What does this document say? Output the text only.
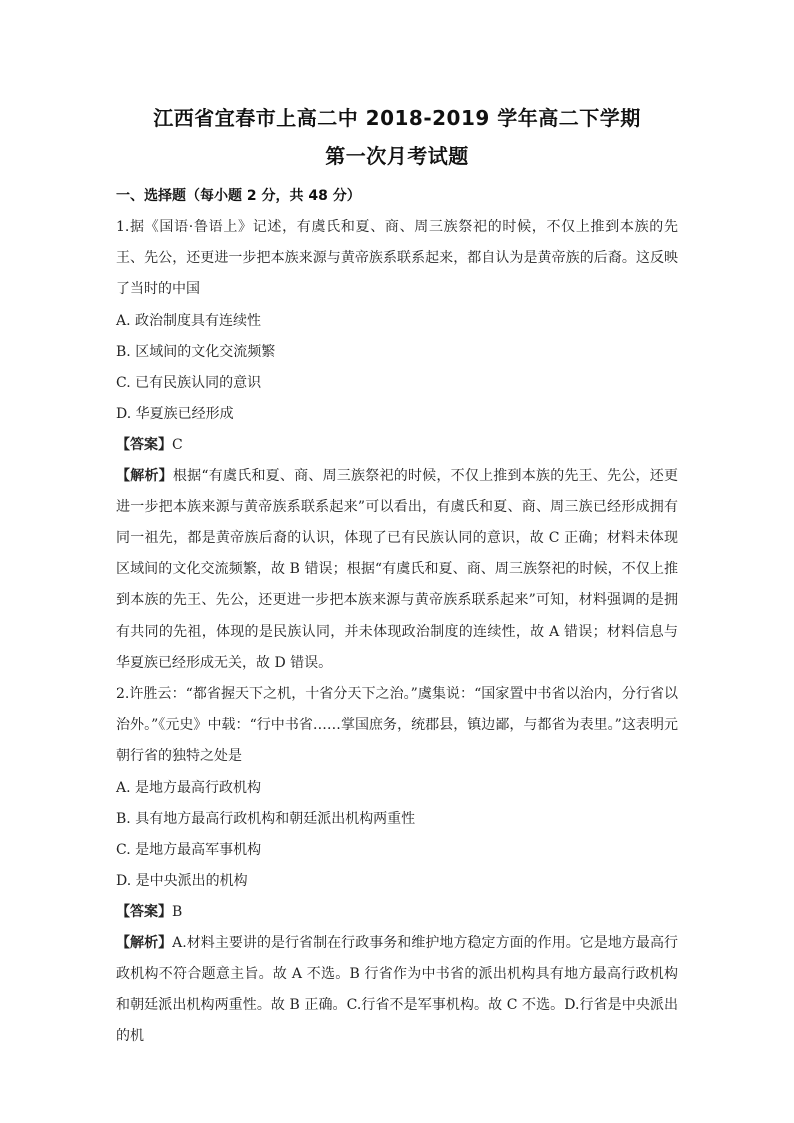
江西省宜春市上高二中 2018-2019 学年高二下学期
第一次月考试题
一、选择题（每小题 2 分，共 48 分）

1.据《国语·鲁语上》记述，有虞氏和夏、商、周三族祭祀的时候，不仅上推到本族的先王、先公，还更进一步把本族来源与黄帝族系联系起来，都自认为是黄帝族的后裔。这反映了当时的中国

A. 政治制度具有连续性

B. 区域间的文化交流频繁

C. 已有民族认同的意识

D. 华夏族已经形成

【答案】C

【解析】根据“有虞氏和夏、商、周三族祭祀的时候，不仅上推到本族的先王、先公，还更进一步把本族来源与黄帝族系联系起来”可以看出，有虞氏和夏、商、周三族已经形成拥有同一祖先，都是黄帝族后裔的认识，体现了已有民族认同的意识，故 C 正确；材料未体现区域间的文化交流频繁，故 B 错误；根据“有虞氏和夏、商、周三族祭祀的时候，不仅上推到本族的先王、先公，还更进一步把本族来源与黄帝族系联系起来”可知，材料强调的是拥有共同的先祖，体现的是民族认同，并未体现政治制度的连续性，故 A 错误；材料信息与华夏族已经形成无关，故 D 错误。

2.许胜云：“都省握天下之机，十省分天下之治。”虞集说：“国家置中书省以治内，分行省以治外。”《元史》中载：“行中书省……掌国庶务，统郡县，镇边鄙，与都省为表里。”这表明元朝行省的独特之处是

A. 是地方最高行政机构

B. 具有地方最高行政机构和朝廷派出机构两重性

C. 是地方最高军事机构

D. 是中央派出的机构

【答案】B

【解析】A.材料主要讲的是行省制在行政事务和维护地方稳定方面的作用。它是地方最高行政机构不符合题意主旨。故 A 不选。B 行省作为中书省的派出机构具有地方最高行政机构和朝廷派出机构两重性。故 B 正确。C.行省不是军事机构。故 C 不选。D.行省是中央派出的机
